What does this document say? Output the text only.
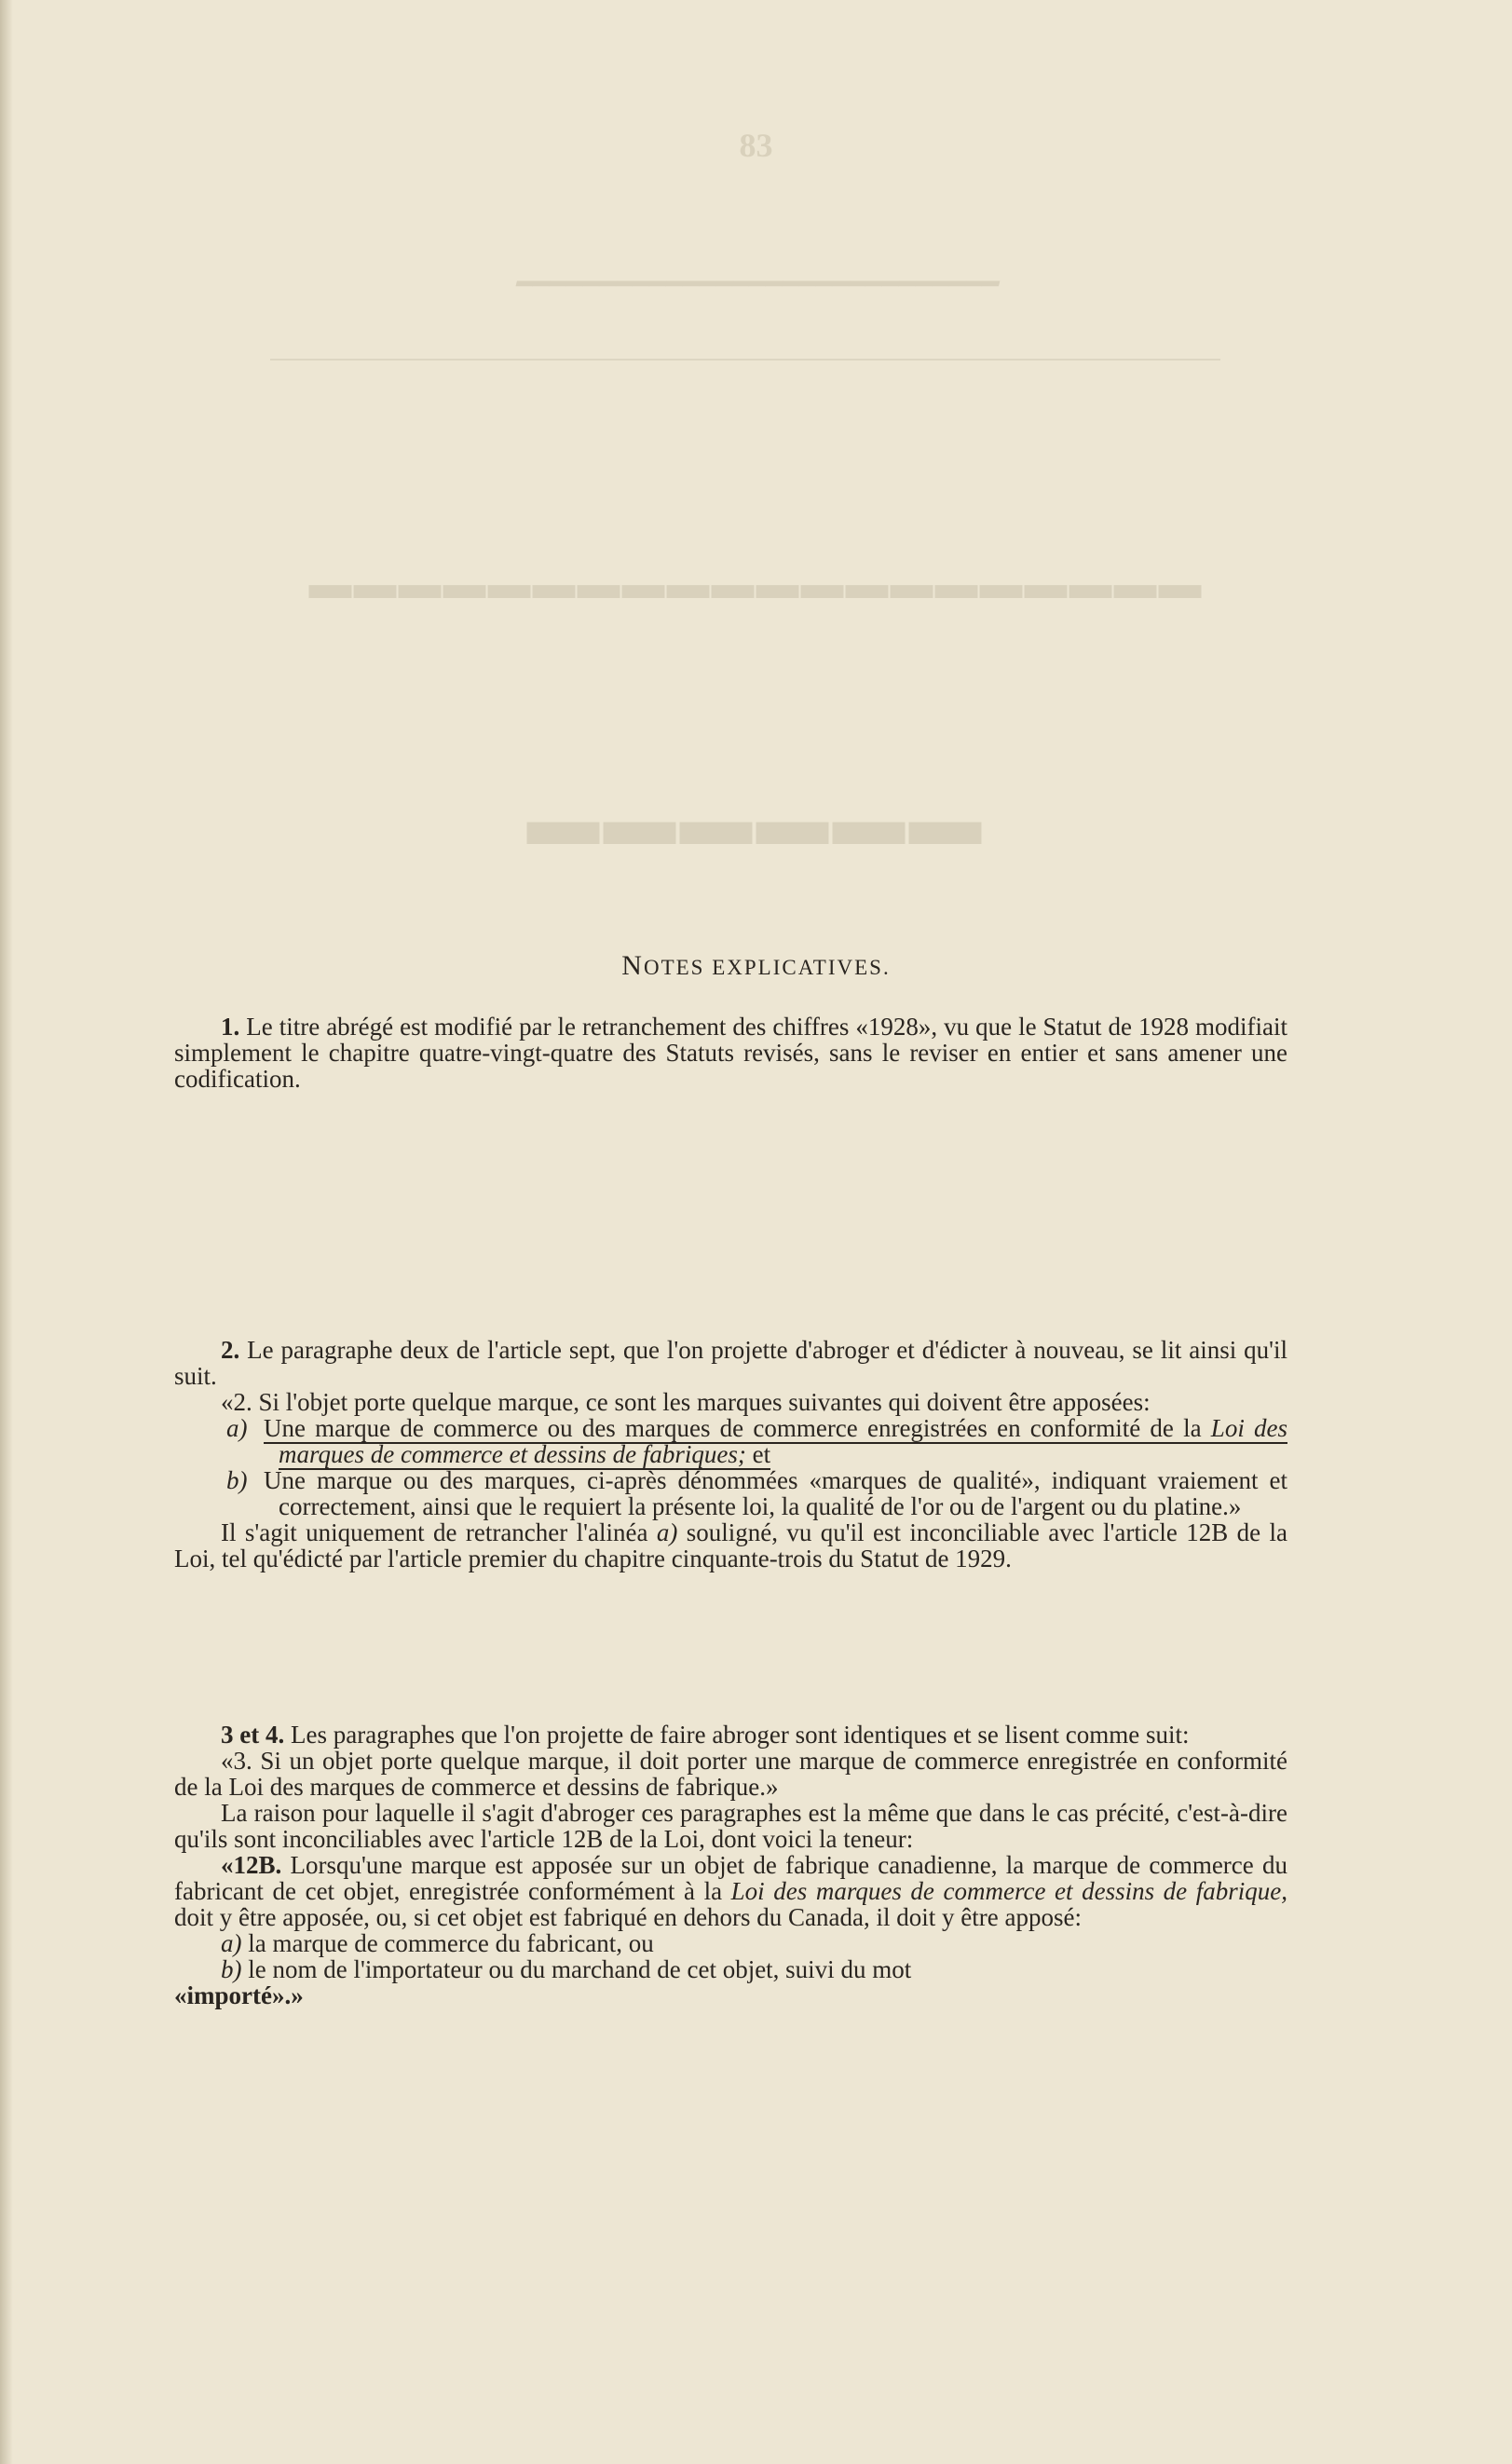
83
━━━━━━━━━━━━━━━━━━━━━━━━━━━━━
▬▬▬▬▬▬▬▬▬▬▬▬▬▬▬▬▬▬▬▬
▬▬▬▬▬▬
NOTES EXPLICATIVES.

1. Le titre abrégé est modifié par le retranchement des chiffres «1928», vu que le Statut de 1928 modifiait simplement le chapitre quatre-vingt-quatre des Statuts revisés, sans le reviser en entier et sans amener une codification.

2. Le paragraphe deux de l'article sept, que l'on projette d'abroger et d'édicter à nouveau, se lit ainsi qu'il suit.

«2. Si l'objet porte quelque marque, ce sont les marques suivantes qui doivent être apposées:

a) Une marque de commerce ou des marques de commerce enregistrées en conformité de la Loi des marques de commerce et dessins de fabriques; et

b) Une marque ou des marques, ci-après dénommées «marques de qualité», indiquant vraiement et correctement, ainsi que le requiert la présente loi, la qualité de l'or ou de l'argent ou du platine.»

Il s'agit uniquement de retrancher l'alinéa a) souligné, vu qu'il est inconciliable avec l'article 12B de la Loi, tel qu'édicté par l'article premier du chapitre cinquante-trois du Statut de 1929.

3 et 4. Les paragraphes que l'on projette de faire abroger sont identiques et se lisent comme suit:

«3. Si un objet porte quelque marque, il doit porter une marque de commerce enregistrée en conformité de la Loi des marques de commerce et dessins de fabrique.»

La raison pour laquelle il s'agit d'abroger ces paragraphes est la même que dans le cas précité, c'est-à-dire qu'ils sont inconciliables avec l'article 12B de la Loi, dont voici la teneur:

«12B. Lorsqu'une marque est apposée sur un objet de fabrique canadienne, la marque de commerce du fabricant de cet objet, enregistrée conformément à la Loi des marques de commerce et dessins de fabrique, doit y être apposée, ou, si cet objet est fabriqué en dehors du Canada, il doit y être apposé:

a) la marque de commerce du fabricant, ou

b) le nom de l'importateur ou du marchand de cet objet, suivi du mot

«importé».»
